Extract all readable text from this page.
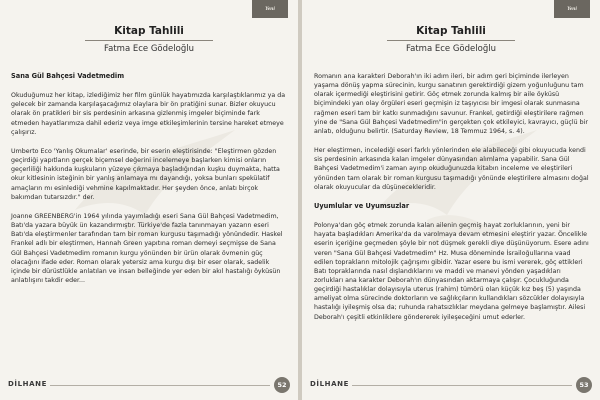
Yeni
Kitap Tahlili
Fatma Ece Gödeloğlu
Sana Gül Bahçesi Vadetmedim

Okuduğumuz her kitap, izlediğimiz her film günlük hayatımızda karşılaştıklarımız ya da gelecek bir zamanda karşılaşacağımız olaylara bir ön pratiğini sunar. Bizler okuyucu olarak ön pratikleri bir sis perdesinin arkasına gizlenmiş imgeler biçiminde fark etmeden hayatlarımıza dahil ederiz veya imge etkileşimlerinin tersine hareket etmeye çalışırız.

Umberto Eco 'Yanlış Okumalar' eserinde, bir eserin eleştirisinde: "Eleştirmen gözden geçirdiği yapıtların gerçek biçemsel değerini incelemeye başlarken kimisi onların geçerliliği hakkında kuşkuların yüzeye çıkmaya başladığından kuşku duymakta, hatta okur kitlesinin isteğinin bir yanlış anlamaya mı dayandığı, yoksa bunları spekülatif amaçların mı esinlediği vehmine kapılmaktadır. Her şeyden önce, anlatı birçok bakımdan tutarsızdır." der.

Joanne GREENBERG'in 1964 yılında yayımladığı eseri Sana Gül Bahçesi Vadetmedim, Batı'da yazara büyük ün kazandırmıştır. Türkiye'de fazla tanınmayan yazarın eseri Batı'da eleştirmenler tarafından tam bir roman kurgusu taşımadığı yönündedir. Haskel Frankel adlı bir eleştirmen, Hannah Green yapıtına roman demeyi seçmişse de Sana Gül Bahçesi Vadetmedim romanın kurgu yönünden bir ürün olarak övmenin güç olacağını ifade eder. Roman olarak yetersiz ama kurgu dışı bir eser olarak, sadelik içinde bir dürüstlükle anlatılan ve insan belleğinde yer eden bir akıl hastalığı öyküsün anlatılışını takdir eder...

DİLHANE	52
Yeni
Kitap Tahlili
Fatma Ece Gödeloğlu

Romanın ana karakteri Deborah'ın iki adım ileri, bir adım geri biçiminde ilerleyen yaşama dönüş yapma sürecinin, kurgu sanatının gerektirdiği gizem yoğunluğunu tam olarak içermediği eleştirisini getirir. Göç etmek zorunda kalmış bir aile öyküsü biçimindeki yan olay örgüleri eseri geçmişin iz taşıyıcısı bir imgesi olarak sunmasına rağmen eseri tam bir katkı sunmadığını savunur. Frankel, getirdiği eleştirilere rağmen yine de "Sana Gül Bahçesi Vadetmedim"in gerçekten çok etkileyici, kavrayıcı, güçlü bir anlatı, olduğunu belirtir. (Saturday Review, 18 Temmuz 1964, s. 4).

Her eleştirmen, incelediği eseri farklı yönlerinden ele alabileceği gibi okuyucuda kendi sis perdesinin arkasında kalan imgeler dünyasından alımlama yapabilir. Sana Gül Bahçesi Vadetmedim'i zaman ayırıp okuduğunuzda kitabın inceleme ve eleştirileri yönünden tam olarak bir roman kurgusu taşımadığı yönünde eleştirilere almasını doğal olarak okuyucular da düşünecekleridir.

Uyumlular ve Uyumsuzlar

Polonya'dan göç etmek zorunda kalan ailenin geçmiş hayat zorluklarının, yeni bir hayata başladıkları Amerika'da da varolmaya devam etmesini eleştirir yazar. Öncelikle eserin içeriğine geçmeden şöyle bir not düşmek gerekli diye düşünüyorum. Esere adını veren "Sana Gül Bahçesi Vadetmedim" Hz. Musa döneminde İsrailoğullarına vaad edilen toprakların mitolojik çağrışımı gibidir. Yazar esere bu ismi vererek, göç ettikleri Batı topraklarında nasıl dışlandıklarını ve maddi ve manevi yönden yaşadıkları zorlukları ana karakter Deborah'ın dünyasından aktarmaya çalışır. Çocukluğunda geçirdiği hastalıklar dolayısıyla uterus (rahim) tümörü olan küçük kız beş (5) yaşında ameliyat olma sürecinde doktorların ve sağlıkçıların kullandıkları sözcükler dolayısıyla hastalığı iyileşmiş olsa da; ruhunda rahatsızlıklar meydana gelmeye başlamıştır. Ailesi Deborah'ı çeşitli etkinliklere göndererek iyileşeceğini umut ederler.

DİLHANE	53
